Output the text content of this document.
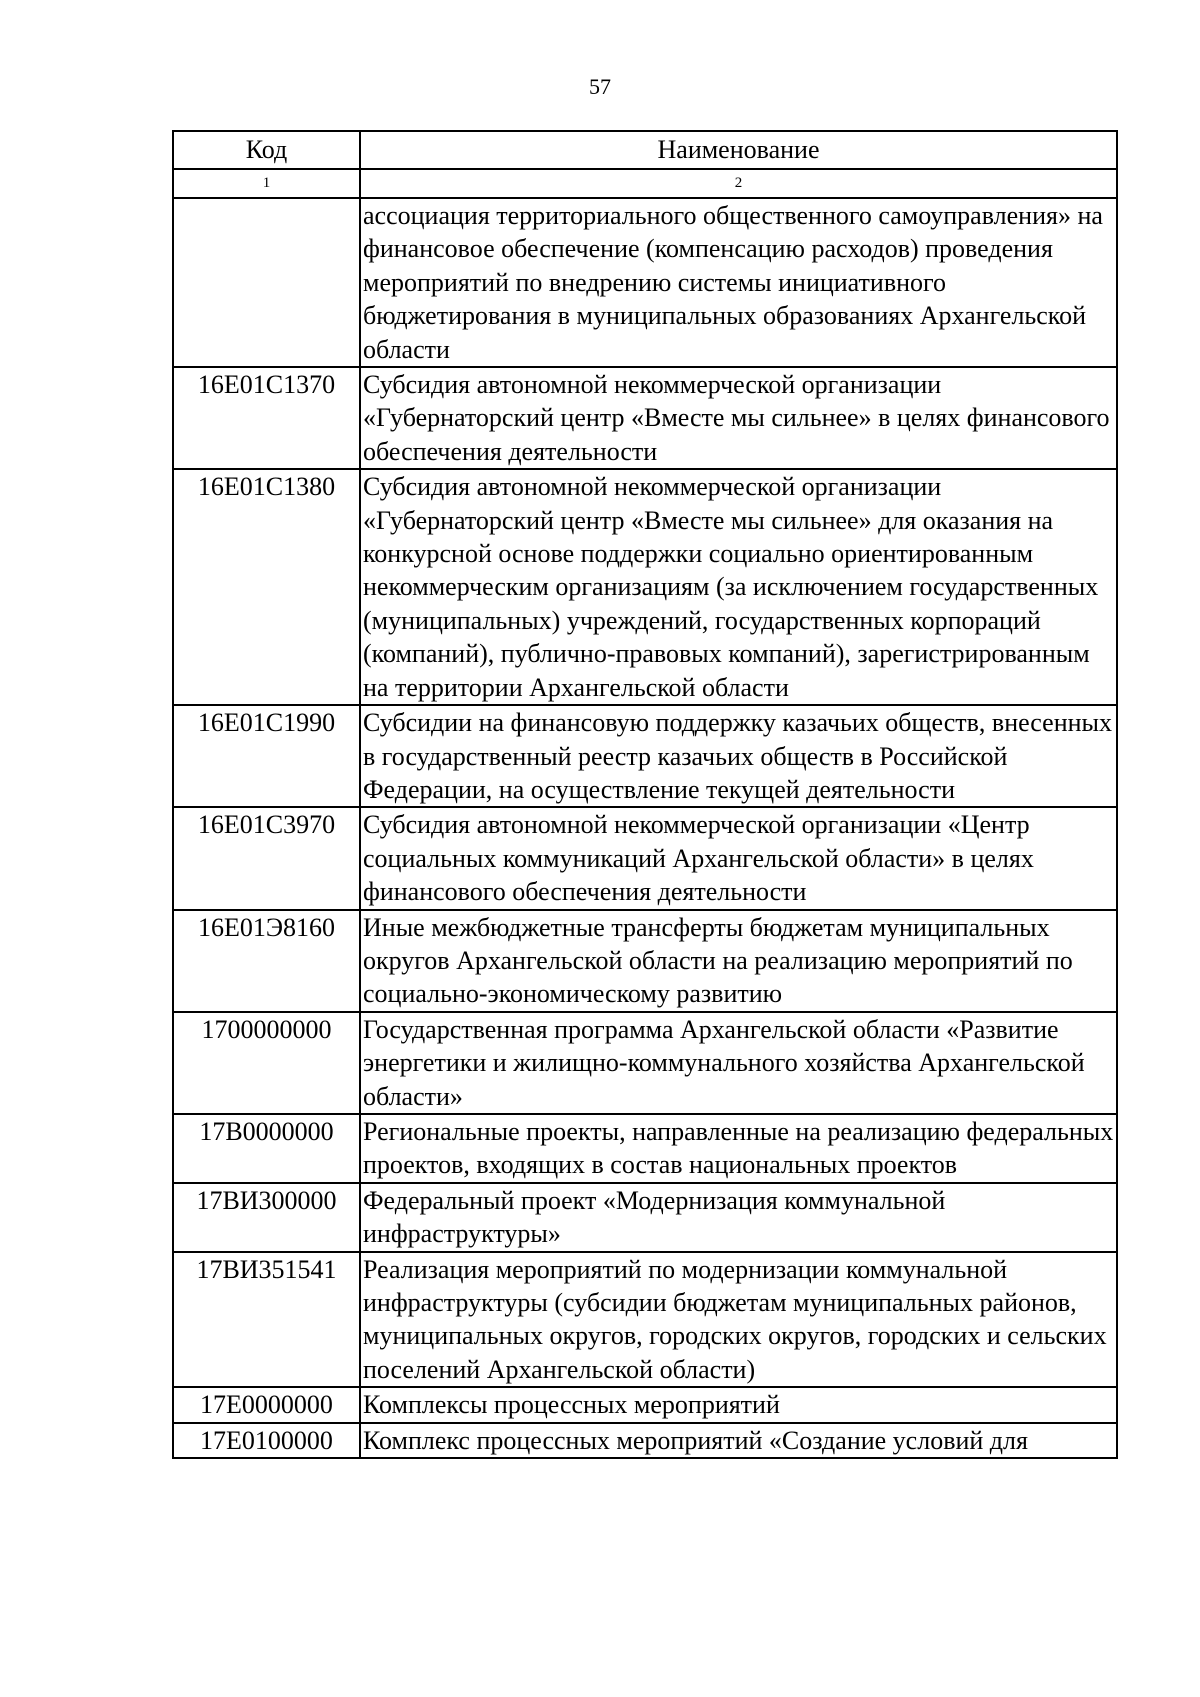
57
Код	Наименование
1	2
	ассоциация территориального общественного самоуправления» на финансовое обеспечение (компенсацию расходов) проведения мероприятий по внедрению системы инициативного бюджетирования в муниципальных образованиях Архангельской области
16Е01С1370	Субсидия автономной некоммерческой организации «Губернаторский центр «Вместе мы сильнее» в целях финансового обеспечения деятельности
16Е01С1380	Субсидия автономной некоммерческой организации «Губернаторский центр «Вместе мы сильнее» для оказания на конкурсной основе поддержки социально ориентированным некоммерческим организациям (за исключением государственных (муниципальных) учреждений, государственных корпораций (компаний), публично-правовых компаний), зарегистрированным на территории Архангельской области
16Е01С1990	Субсидии на финансовую поддержку казачьих обществ, внесенных в государственный реестр казачьих обществ в Российской Федерации, на осуществление текущей деятельности
16Е01С3970	Субсидия автономной некоммерческой организации «Центр социальных коммуникаций Архангельской области» в целях финансового обеспечения деятельности
16Е01Э8160	Иные межбюджетные трансферты бюджетам муниципальных округов Архангельской области на реализацию мероприятий по социально-экономическому развитию
1700000000	Государственная программа Архангельской области «Развитие энергетики и жилищно-коммунального хозяйства Архангельской области»
17В0000000	Региональные проекты, направленные на реализацию федеральных проектов, входящих в состав национальных проектов
17ВИ300000	Федеральный проект «Модернизация коммунальной инфраструктуры»
17ВИ351541	Реализация мероприятий по модернизации коммунальной инфраструктуры (субсидии бюджетам муниципальных районов, муниципальных округов, городских округов, городских и сельских поселений Архангельской области)
17Е0000000	Комплексы процессных мероприятий
17Е0100000	Комплекс процессных мероприятий «Создание условий для
